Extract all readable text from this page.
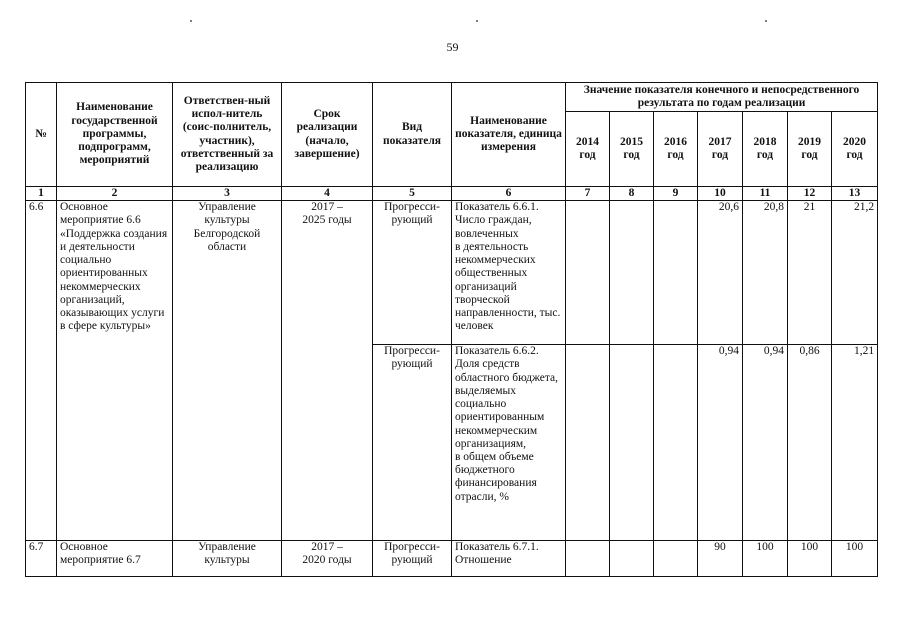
59
№	Наименование государственной программы, подпрограмм, мероприятий	Ответствен-ный испол-нитель (соис-полнитель, участник), ответственный за реализацию	Срок реализации (начало, завершение)	Вид показателя	Наименование показателя, единица измерения	Значение показателя конечного и непосредственного результата по годам реализации						
						2014 год	2015 год	2016 год	2017 год	2018 год	2019 год	2020 год
1	2	3	4	5	6	7	8	9	10	11	12	13
6.6	Основное мероприятие 6.6 «Поддержка создания и деятельности социально ориентированных некоммерческих организаций, оказывающих услуги в сфере культуры»	Управление культуры Белгородской области	2017 –
2025 годы	Прогресси-рующий	Показатель 6.6.1.
Число граждан, вовлеченных
в деятельность некоммерческих общественных организаций творческой направленности, тыс. человек				20,6	20,8	21	21,2
				Прогресси-рующий	Показатель 6.6.2.
Доля средств областного бюджета, выделяемых социально ориентированным некоммерческим организациям,
в общем объеме бюджетного финансирования отрасли, %				0,94	0,94	0,86	1,21
6.7	Основное мероприятие 6.7	Управление культуры	2017 –
2020 годы	Прогресси-рующий	Показатель 6.7.1.
Отношение				90	100	100	100
